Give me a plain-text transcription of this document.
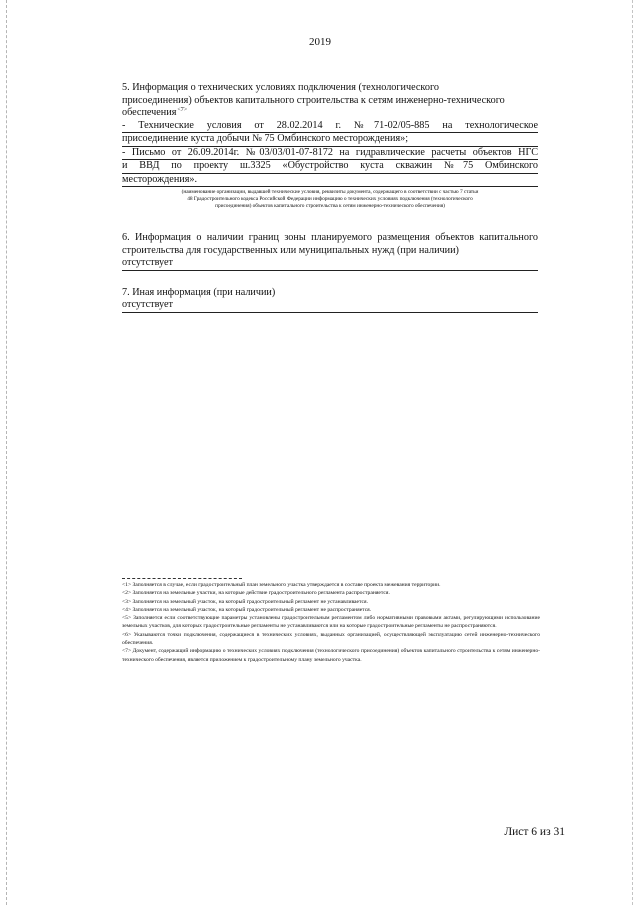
2019

5. Информация о технических условиях подключения (технологического

присоединения) объектов капитального строительства к сетям инженерно-технического

обеспечения$^{<7>}$

- Технические условия от 28.02.2014 г. №71-02/05-885 на технологическое
присоединение куста добычи № 75 Омбинского месторождения»;
- Письмо от 26.09.2014г. №03/03/01-07-8172 на гидравлические расчеты объектов НГС
и ВВД по проекту ш.3325 «Обустройство куста скважин №75 Омбинского
месторождения».
(наименование организации, выдавшей технические условия, реквизиты документа, содержащего в соответствии с частью 7 статьи
48 Градостроительного кодекса Российской Федерации информацию о технических условиях подключения (технологического
присоединения) объектов капитального строительства к сетям инженерно-технического обеспечения)

6. Информация о наличии границ зоны планируемого размещения объектов капитального строительства для государственных или муниципальных нужд (при наличии)

отсутствует

7. Иная информация (при наличии)

отсутствует

<1> Заполняется в случае, если градостроительный план земельного участка утверждается в составе проекта межевания территории.

<2> Заполняется на земельные участки, на которые действие градостроительного регламента распространяется.

<3> Заполняется на земельный участок, на который градостроительный регламент не устанавливается.

<4> Заполняется на земельный участок, на который градостроительный регламент не распространяется.

<5> Заполняется если соответствующие параметры установлены градостроительным регламентом либо нормативными правовыми актами, регулирующими использование земельных участков, для которых градостроительные регламенты не устанавливаются или на которые градостроительные регламенты не распространяются.

<6> Указываются точки подключения, содержащиеся в технических условиях, выданных организацией, осуществляющей эксплуатацию сетей инженерно-технического обеспечения.

<7> Документ, содержащий информацию о технических условиях подключения (технологического присоединения) объектов капитального строительства к сетям инженерно-технического обеспечения, является приложением к градостроительному плану земельного участка.

Лист 6 из 31
